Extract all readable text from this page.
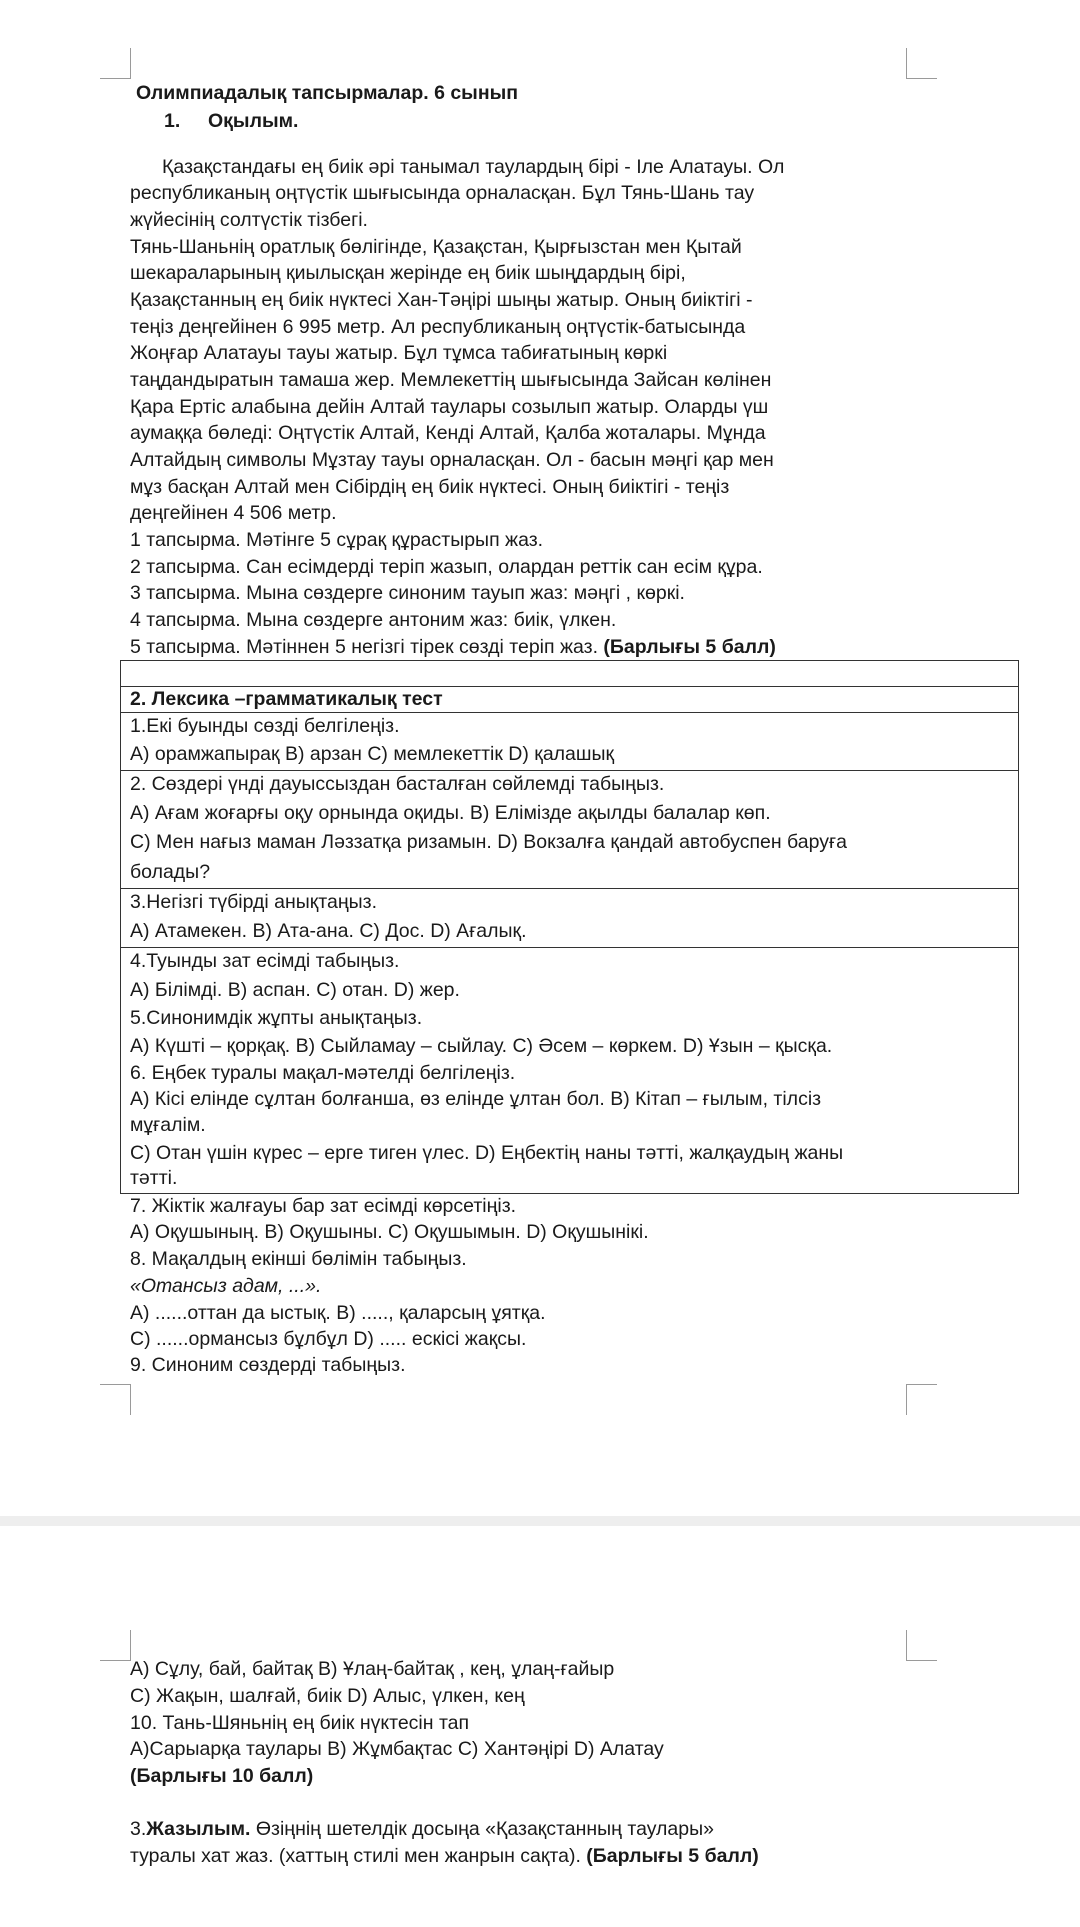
Олимпиадалық тапсырмалар. 6 сынып
1. Оқылым.
Қазақстандағы ең биік әрі танымал таулардың бірі - Іле Алатауы. Ол
республиканың оңтүстік шығысында орналасқан. Бұл Тянь-Шань тау
жүйесінің солтүстік тізбегі.
Тянь-Шаньнің оратлық бөлігінде, Қазақстан, Қырғызстан мен Қытай
шекараларының қиылысқан жерінде ең биік шыңдардың бірі,
Қазақстанның ең биік нүктесі Хан-Тәңірі шыңы жатыр. Оның биіктігі -
теңіз деңгейінен 6 995 метр. Ал республиканың оңтүстік-батысында
Жоңғар Алатауы тауы жатыр. Бұл тұмса табиғатының көркі
таңдандыратын тамаша жер. Мемлекеттің шығысында Зайсан көлінен
Қара Ертіс алабына дейін Алтай таулары созылып жатыр. Оларды үш
аумаққа бөледі: Оңтүстік Алтай, Кенді Алтай, Қалба жоталары. Мұнда
Алтайдың символы Мұзтау тауы орналасқан. Ол - басын мәңгі қар мен
мұз басқан Алтай мен Сібірдің ең биік нүктесі. Оның биіктігі - теңіз
деңгейінен 4 506 метр.
1 тапсырма. Мәтінге 5 сұрақ құрастырып жаз.
2 тапсырма. Сан есімдерді теріп жазып, олардан реттік сан есім құра.
3 тапсырма. Мына сөздерге синоним тауып жаз: мәңгі , көркі.
4 тапсырма. Мына сөздерге антоним жаз: биік, үлкен.
5 тапсырма. Мәтіннен 5 негізгі тірек сөзді теріп жаз. (Барлығы 5 балл)
2. Лексика –грамматикалық тест
1.Екі буынды сөзді белгілеңіз.
А) орамжапырақ В) арзан С) мемлекеттік D) қалашық
2. Сөздері үнді дауыссыздан басталған сөйлемді табыңыз.
А) Ағам жоғарғы оқу орнында оқиды. В) Елімізде ақылды балалар көп.
С) Мен нағыз маман Ләззатқа ризамын. D) Вокзалға қандай автобуспен баруға
болады?
3.Негізгі түбірді анықтаңыз.
А) Атамекен. В) Ата-ана. С) Дос. D) Ағалық.
4.Туынды зат есімді табыңыз.
А) Білімді. В) аспан. С) отан. D) жер.
5.Синонимдік жұпты анықтаңыз.
А) Күшті – қорқақ. В) Сыйламау – сыйлау. С) Әсем – көркем. D) Ұзын – қысқа.
6. Еңбек туралы мақал-мәтелді белгілеңіз.
А) Кісі елінде сұлтан болғанша, өз елінде ұлтан бол. В) Кітап – ғылым, тілсіз
мұғалім.
С) Отан үшін күрес – ерге тиген үлес. D) Еңбектің наны тәтті, жалқаудың жаны
тәтті.
7. Жіктік жалғауы бар зат есімді көрсетіңіз.
А) Оқушының. В) Оқушыны. С) Оқушымын. D) Оқушынікі.
8. Мақалдың екінші бөлімін табыңыз.
«Отансыз адам, ...».
А) ......оттан да ыстық. В) ....., қаларсың ұятқа.
С) ......ормансыз бұлбұл D) ..... ескісі жақсы.
9. Синоним сөздерді табыңыз.
А) Сұлу, бай, байтақ В) Ұлаң-байтақ , кең, ұлаң-ғайыр
С) Жақын, шалғай, биік D) Алыс, үлкен, кең
10. Тань-Шяньнің ең биік нүктесін тап
А)Сарыарқа таулары В) Жұмбақтас С) Хантәңірі D) Алатау
(Барлығы 10 балл)
3.Жазылым. Өзіңнің шетелдік досыңа «Қазақстанның таулары»
туралы хат жаз. (хаттың стилі мен жанрын сақта). (Барлығы 5 балл)
